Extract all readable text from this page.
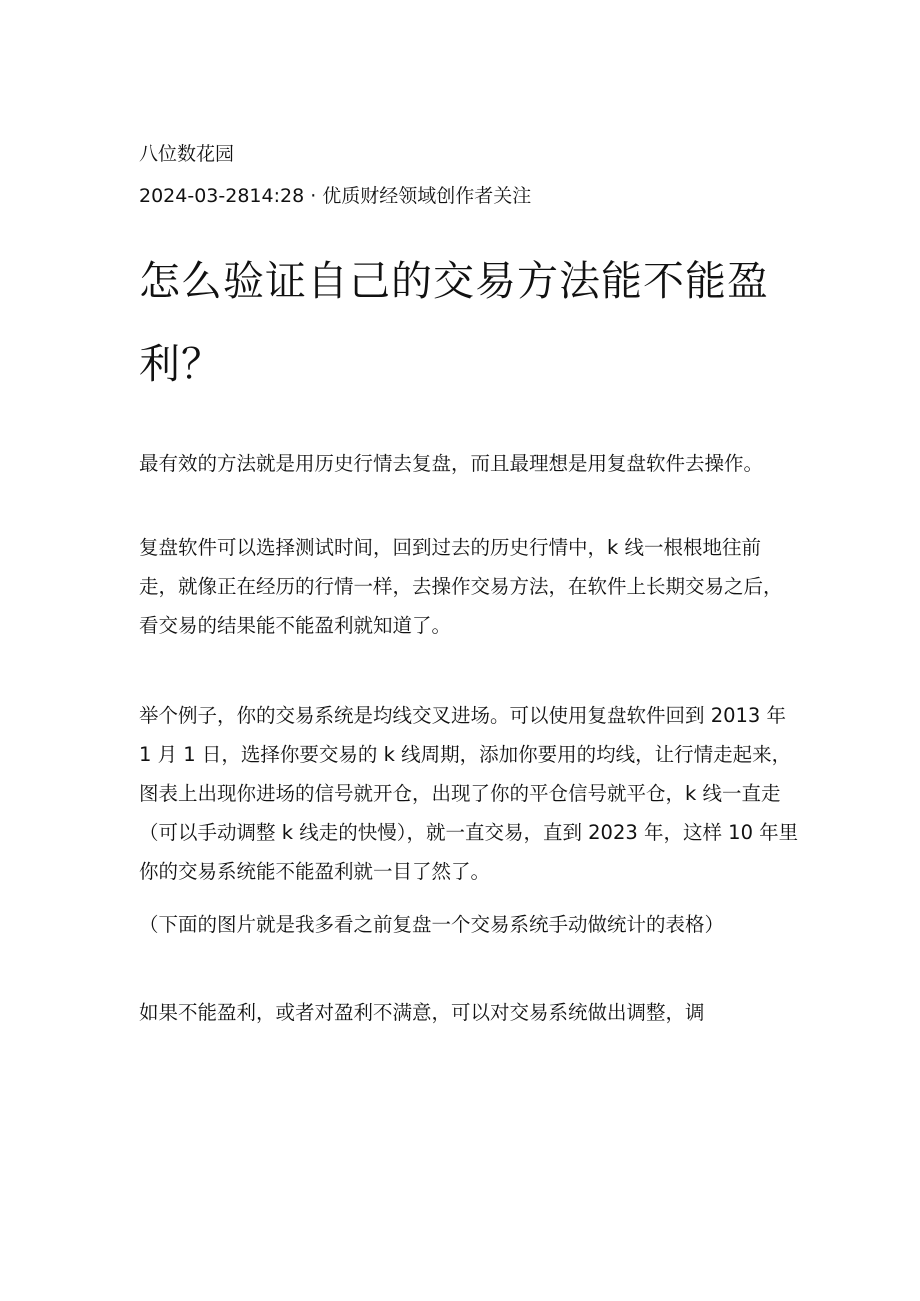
八位数花园
2024-03-2814:28 · 优质财经领域创作者关注
怎么验证自己的交易方法能不能盈利？

最有效的方法就是用历史行情去复盘，而且最理想是用复盘软件去操作。

复盘软件可以选择测试时间，回到过去的历史行情中，k 线一根根地往前走，就像正在经历的行情一样，去操作交易方法，在软件上长期交易之后，看交易的结果能不能盈利就知道了。

举个例子，你的交易系统是均线交叉进场。可以使用复盘软件回到 2013 年 1 月 1 日，选择你要交易的 k 线周期，添加你要用的均线，让行情走起来，图表上出现你进场的信号就开仓，出现了你的平仓信号就平仓，k 线一直走（可以手动调整 k 线走的快慢），就一直交易，直到 2023 年，这样 10 年里你的交易系统能不能盈利就一目了然了。

（下面的图片就是我多看之前复盘一个交易系统手动做统计的表格）

如果不能盈利，或者对盈利不满意，可以对交易系统做出调整，调
